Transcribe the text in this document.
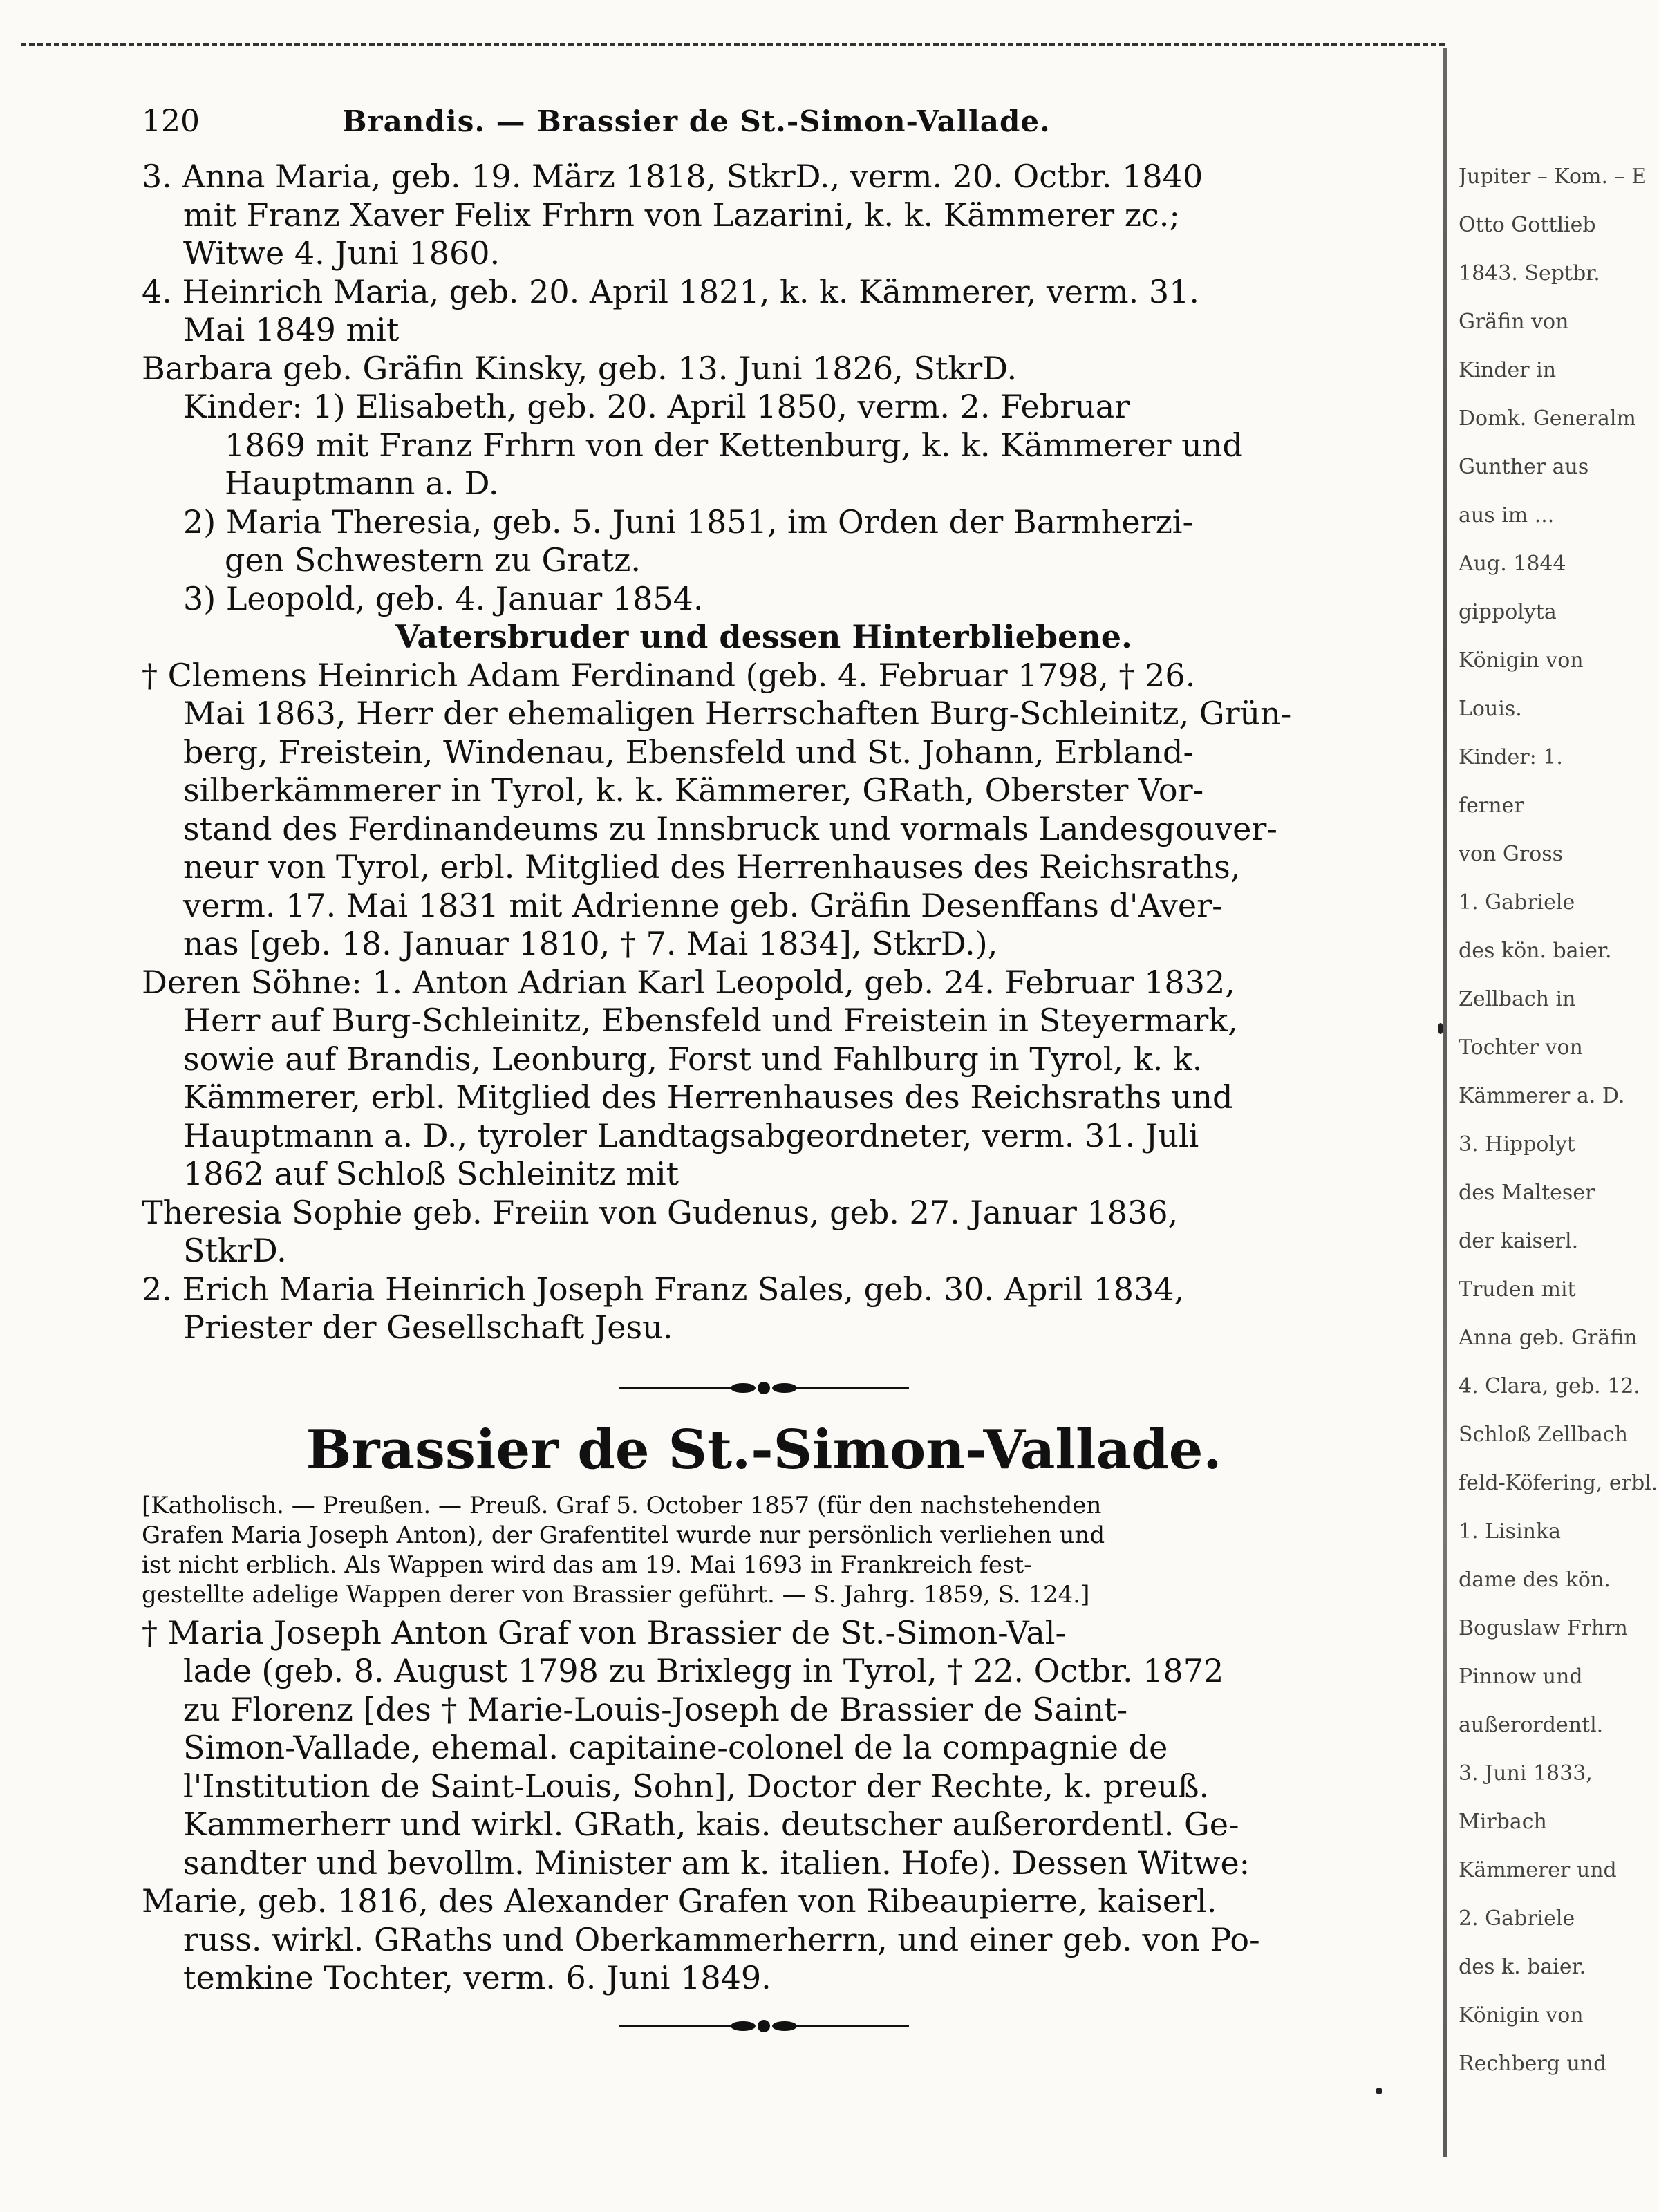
Jupiter – Kom. – E
Otto Gottlieb
1843. Septbr.
Gräfin von
Kinder in
Domk. Generalm
Gunther aus
aus im ...
Aug. 1844
gippolyta
Königin von
Louis.
Kinder: 1.
ferner
von Gross
1. Gabriele
des kön. baier.
Zellbach in
Tochter von
Kämmerer a. D.
3. Hippolyt
des Malteser
der kaiserl.
Truden mit
Anna geb. Gräfin
4. Clara, geb. 12.
Schloß Zellbach
feld-Köfering, erbl.
1. Lisinka
dame des kön.
Boguslaw Frhrn
Pinnow und
außerordentl.
3. Juni 1833,
Mirbach
Kämmerer und
2. Gabriele
des k. baier.
Königin von
Rechberg und
120	Brandis. — Brassier de St.-Simon-Vallade.
3. Anna Maria, geb. 19. März 1818, StkrD., verm. 20. Octbr. 1840
mit Franz Xaver Felix Frhrn von Lazarini, k. k. Kämmerer zc.;
Witwe 4. Juni 1860.
4. Heinrich Maria, geb. 20. April 1821, k. k. Kämmerer, verm. 31.
Mai 1849 mit
Barbara geb. Gräfin Kinsky, geb. 13. Juni 1826, StkrD.
Kinder: 1) Elisabeth, geb. 20. April 1850, verm. 2. Februar
1869 mit Franz Frhrn von der Kettenburg, k. k. Kämmerer und
Hauptmann a. D.
2) Maria Theresia, geb. 5. Juni 1851, im Orden der Barmherzi-
gen Schwestern zu Gratz.
3) Leopold, geb. 4. Januar 1854.
Vatersbruder und dessen Hinterbliebene.
† Clemens Heinrich Adam Ferdinand (geb. 4. Februar 1798, † 26.
Mai 1863, Herr der ehemaligen Herrschaften Burg-Schleinitz, Grün-
berg, Freistein, Windenau, Ebensfeld und St. Johann, Erbland-
silberkämmerer in Tyrol, k. k. Kämmerer, GRath, Oberster Vor-
stand des Ferdinandeums zu Innsbruck und vormals Landesgouver-
neur von Tyrol, erbl. Mitglied des Herrenhauses des Reichsraths,
verm. 17. Mai 1831 mit Adrienne geb. Gräfin Desenffans d'Aver-
nas [geb. 18. Januar 1810, † 7. Mai 1834], StkrD.),
Deren Söhne: 1. Anton Adrian Karl Leopold, geb. 24. Februar 1832,
Herr auf Burg-Schleinitz, Ebensfeld und Freistein in Steyermark,
sowie auf Brandis, Leonburg, Forst und Fahlburg in Tyrol, k. k.
Kämmerer, erbl. Mitglied des Herrenhauses des Reichsraths und
Hauptmann a. D., tyroler Landtagsabgeordneter, verm. 31. Juli
1862 auf Schloß Schleinitz mit
Theresia Sophie geb. Freiin von Gudenus, geb. 27. Januar 1836,
StkrD.
2. Erich Maria Heinrich Joseph Franz Sales, geb. 30. April 1834,
Priester der Gesellschaft Jesu.
Brassier de St.-Simon-Vallade.
[Katholisch. — Preußen. — Preuß. Graf 5. October 1857 (für den nachstehenden
Grafen Maria Joseph Anton), der Grafentitel wurde nur persönlich verliehen und
ist nicht erblich. Als Wappen wird das am 19. Mai 1693 in Frankreich fest-
gestellte adelige Wappen derer von Brassier geführt. — S. Jahrg. 1859, S. 124.]
† Maria Joseph Anton Graf von Brassier de St.-Simon-Val-
lade (geb. 8. August 1798 zu Brixlegg in Tyrol, † 22. Octbr. 1872
zu Florenz [des † Marie-Louis-Joseph de Brassier de Saint-
Simon-Vallade, ehemal. capitaine-colonel de la compagnie de
l'Institution de Saint-Louis, Sohn], Doctor der Rechte, k. preuß.
Kammerherr und wirkl. GRath, kais. deutscher außerordentl. Ge-
sandter und bevollm. Minister am k. italien. Hofe). Dessen Witwe:
Marie, geb. 1816, des Alexander Grafen von Ribeaupierre, kaiserl.
russ. wirkl. GRaths und Oberkammerherrn, und einer geb. von Po-
temkine Tochter, verm. 6. Juni 1849.
